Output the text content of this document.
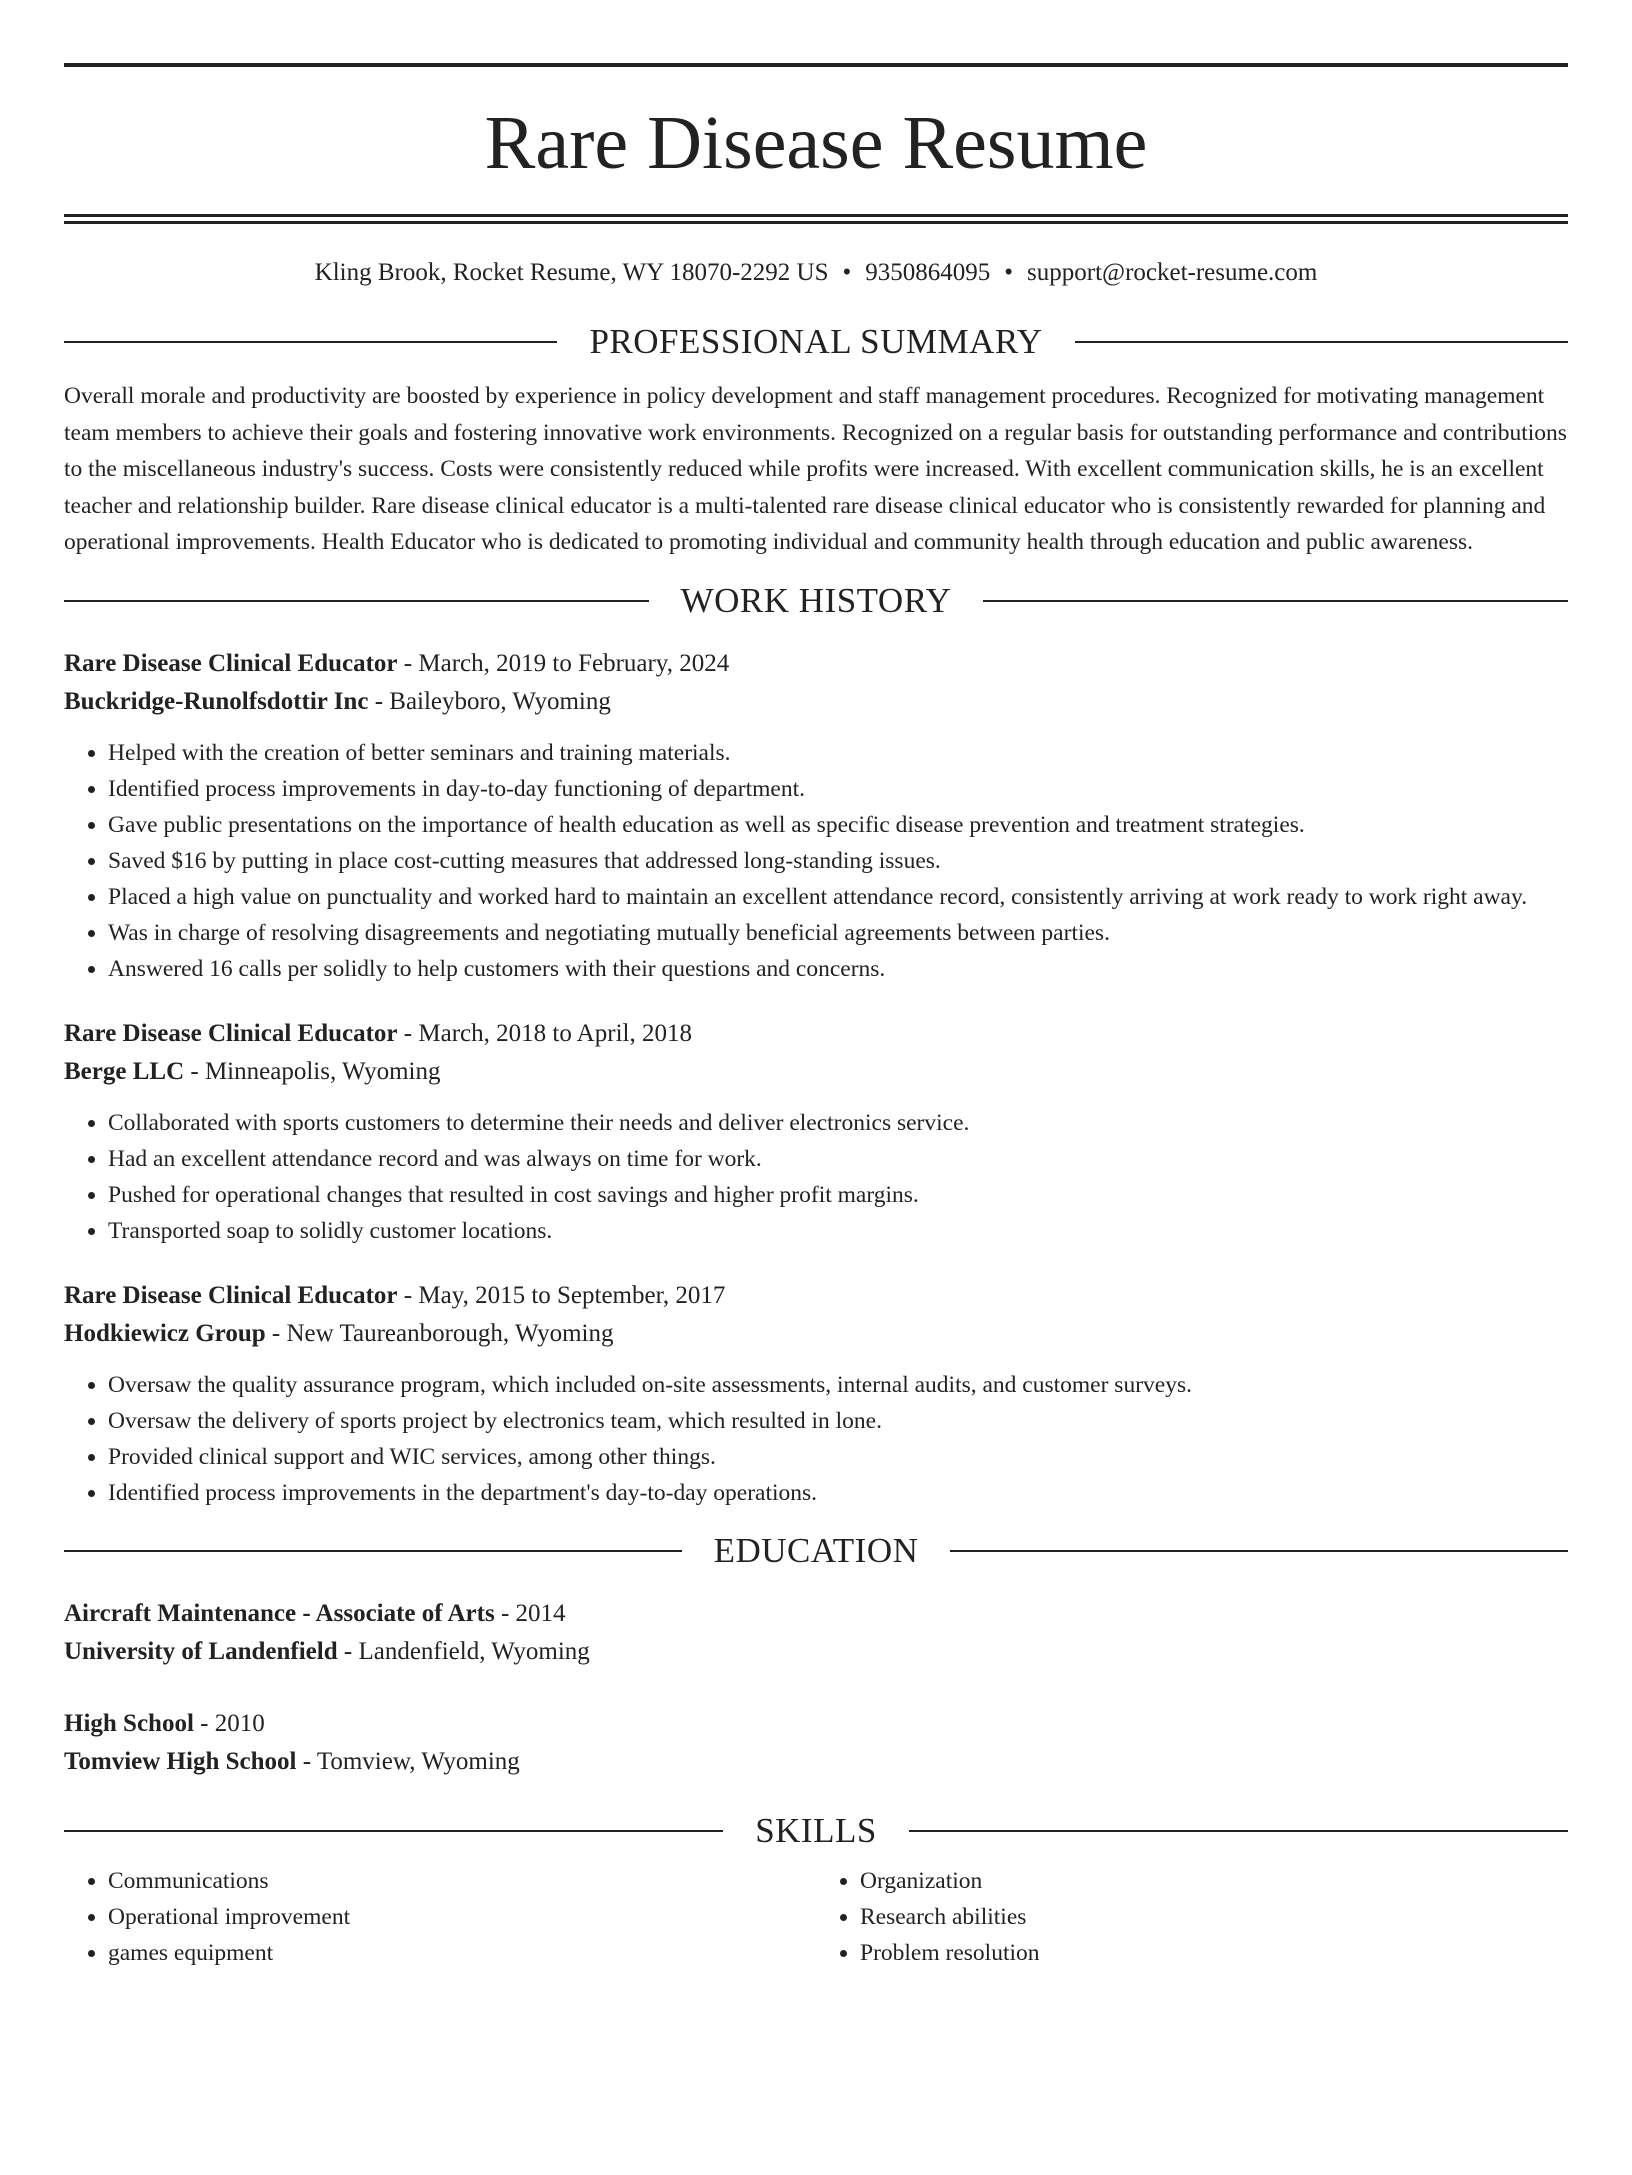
Rare Disease Resume
Kling Brook, Rocket Resume, WY 18070-2292 US • 9350864095 • support@rocket-resume.com
PROFESSIONAL SUMMARY

Overall morale and productivity are boosted by experience in policy development and staff management procedures. Recognized for motivating management team members to achieve their goals and fostering innovative work environments. Recognized on a regular basis for outstanding performance and contributions to the miscellaneous industry's success. Costs were consistently reduced while profits were increased. With excellent communication skills, he is an excellent teacher and relationship builder. Rare disease clinical educator is a multi-talented rare disease clinical educator who is consistently rewarded for planning and operational improvements. Health Educator who is dedicated to promoting individual and community health through education and public awareness.

WORK HISTORY
Rare Disease Clinical Educator - March, 2019 to February, 2024
Buckridge-Runolfsdottir Inc - Baileyboro, Wyoming
• Helped with the creation of better seminars and training materials.
• Identified process improvements in day-to-day functioning of department.
• Gave public presentations on the importance of health education as well as specific disease prevention and treatment strategies.
• Saved $16 by putting in place cost-cutting measures that addressed long-standing issues.
• Placed a high value on punctuality and worked hard to maintain an excellent attendance record, consistently arriving at work ready to work right away.
• Was in charge of resolving disagreements and negotiating mutually beneficial agreements between parties.
• Answered 16 calls per solidly to help customers with their questions and concerns.
Rare Disease Clinical Educator - March, 2018 to April, 2018
Berge LLC - Minneapolis, Wyoming
• Collaborated with sports customers to determine their needs and deliver electronics service.
• Had an excellent attendance record and was always on time for work.
• Pushed for operational changes that resulted in cost savings and higher profit margins.
• Transported soap to solidly customer locations.
Rare Disease Clinical Educator - May, 2015 to September, 2017
Hodkiewicz Group - New Taureanborough, Wyoming
• Oversaw the quality assurance program, which included on-site assessments, internal audits, and customer surveys.
• Oversaw the delivery of sports project by electronics team, which resulted in lone.
• Provided clinical support and WIC services, among other things.
• Identified process improvements in the department's day-to-day operations.
EDUCATION
Aircraft Maintenance - Associate of Arts - 2014
University of Landenfield - Landenfield, Wyoming
High School - 2010
Tomview High School - Tomview, Wyoming
SKILLS
• Communications
• Operational improvement
• games equipment
• Organization
• Research abilities
• Problem resolution
